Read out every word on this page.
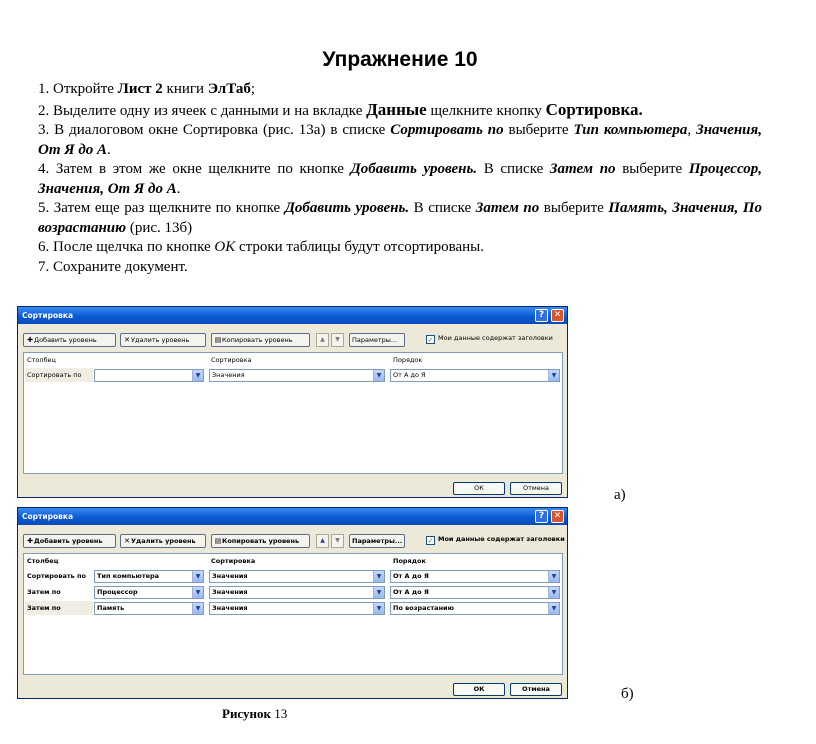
Упражнение 10

1. Откройте Лист 2 книги ЭлТаб;

2. Выделите одну из ячеек с данными и на вкладке Данные щелкните кнопку Сортировка.

3. В диалоговом окне Сортировка (рис. 13а) в списке Сортировать по выберите Тип компьютера, Значения, От Я до А.

4. Затем в этом же окне щелкните по кнопке Добавить уровень. В списке Затем по выберите Процессор, Значения, От Я до А.

5. Затем еще раз щелкните по кнопке Добавить уровень. В списке Затем по выберите Память, Значения, По возрастанию (рис. 13б)

6. После щелчка по кнопке ОК строки таблицы будут отсортированы.

7. Сохраните документ.

Сортировка	?	✕
✚Добавить уровень	✕Удалить уровень	▤Копировать уровень	▲	▼	Параметры...	✓ Мои данные содержат заголовки
Столбец	Сортировка	Порядок
Сортировать по	▼	Значения	▼	От А до Я	▼
ОК	Отмена	а)
Сортировка	?	✕
✚Добавить уровень	✕Удалить уровень	▤Копировать уровень	▲	▼	Параметры...	✓ Мои данные содержат заголовки
Столбец	Сортировка	Порядок
Сортировать по	Тип компьютера	▼	Значения	▼	От А до Я	▼
Затем по	Процессор	▼	Значения	▼	От А до Я	▼
Затем по	Память	▼	Значения	▼	По возрастанию	▼
ОК	Отмена	б)
Рисунок 13
